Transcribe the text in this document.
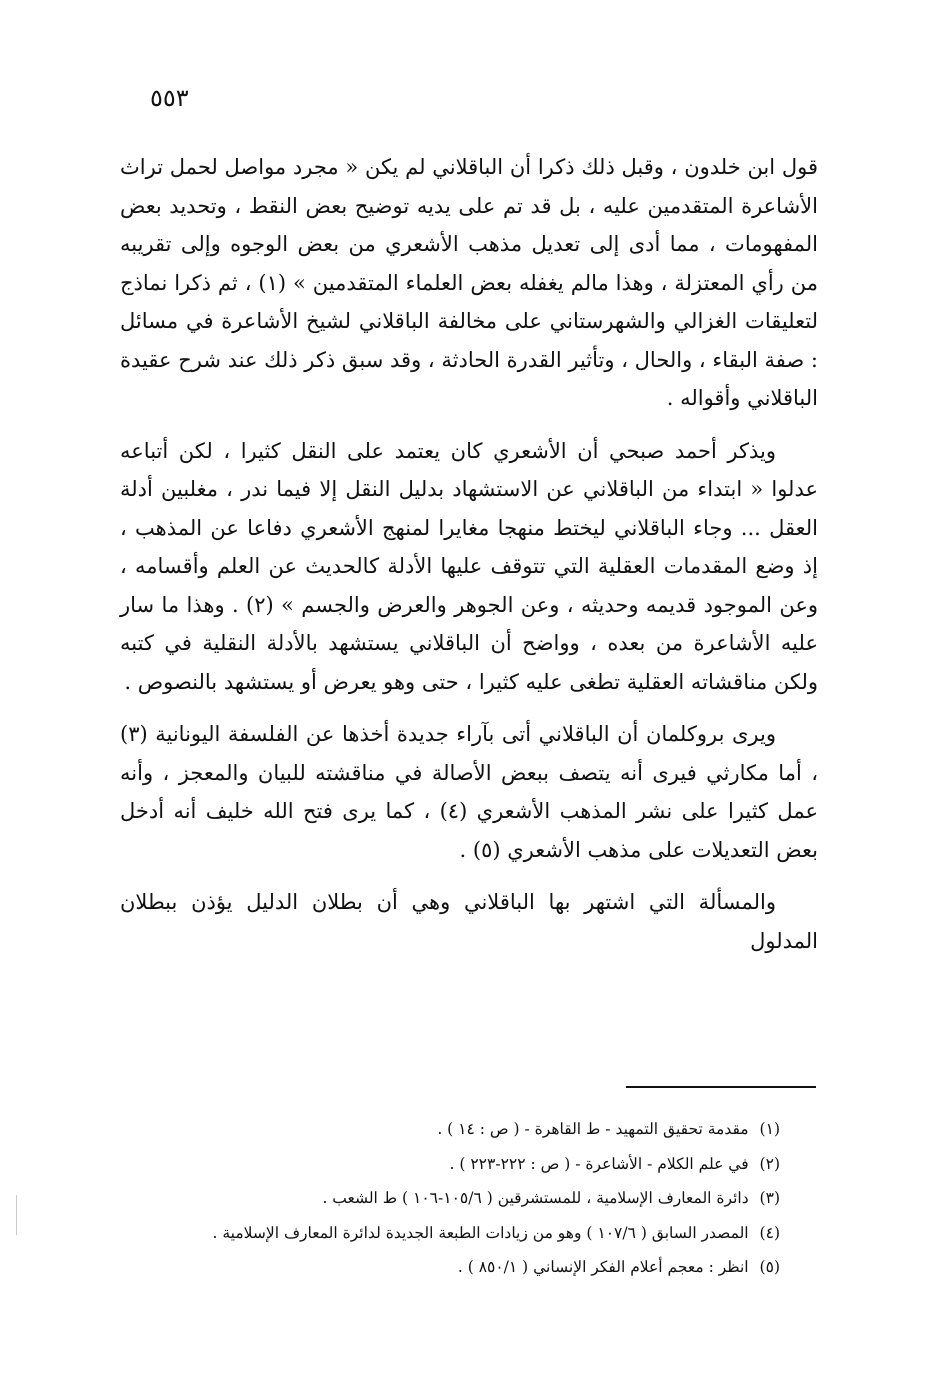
٥٥٣

قول ابن خلدون ، وقبل ذلك ذكرا أن الباقلاني لم يكن « مجرد مواصل لحمل تراث الأشاعرة المتقدمين عليه ، بل قد تم على يديه توضيح بعض النقط ، وتحديد بعض المفهومات ، مما أدى إلى تعديل مذهب الأشعري من بعض الوجوه وإلى تقريبه من رأي المعتزلة ، وهذا مالم يغفله بعض العلماء المتقدمين » (١) ، ثم ذكرا نماذج لتعليقات الغزالي والشهرستاني على مخالفة الباقلاني لشيخ الأشاعرة في مسائل : صفة البقاء ، والحال ، وتأثير القدرة الحادثة ، وقد سبق ذكر ذلك عند شرح عقيدة الباقلاني وأقواله .

ويذكر أحمد صبحي أن الأشعري كان يعتمد على النقل كثيرا ، لكن أتباعه عدلوا « ابتداء من الباقلاني عن الاستشهاد بدليل النقل إلا فيما ندر ، مغلبين أدلة العقل ... وجاء الباقلاني ليختط منهجا مغايرا لمنهج الأشعري دفاعا عن المذهب ، إذ وضع المقدمات العقلية التي تتوقف عليها الأدلة كالحديث عن العلم وأقسامه ، وعن الموجود قديمه وحديثه ، وعن الجوهر والعرض والجسم » (٢) . وهذا ما سار عليه الأشاعرة من بعده ، وواضح أن الباقلاني يستشهد بالأدلة النقلية في كتبه ولكن مناقشاته العقلية تطغى عليه كثيرا ، حتى وهو يعرض أو يستشهد بالنصوص .

ويرى بروكلمان أن الباقلاني أتى بآراء جديدة أخذها عن الفلسفة اليونانية (٣) ، أما مكارثي فيرى أنه يتصف ببعض الأصالة في مناقشته للبيان والمعجز ، وأنه عمل كثيرا على نشر المذهب الأشعري (٤) ، كما يرى فتح الله خليف أنه أدخل بعض التعديلات على مذهب الأشعري (٥) .

والمسألة التي اشتهر بها الباقلاني وهي أن بطلان الدليل يؤذن ببطلان المدلول

(١) مقدمة تحقيق التمهيد - ط القاهرة - ( ص : ١٤ ) .
(٢) في علم الكلام - الأشاعرة - ( ص : ٢٢٢-٢٢٣ ) .
(٣) دائرة المعارف الإسلامية ، للمستشرقين ( ١٠٥/٦-١٠٦ ) ط الشعب .
(٤) المصدر السابق ( ١٠٧/٦ ) وهو من زيادات الطبعة الجديدة لدائرة المعارف الإسلامية .
(٥) انظر : معجم أعلام الفكر الإنساني ( ٨٥٠/١ ) .
